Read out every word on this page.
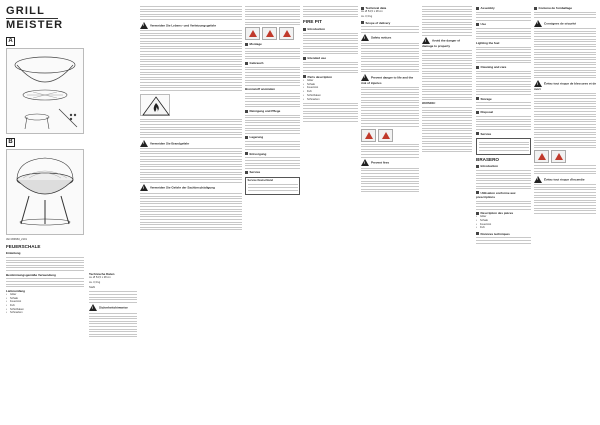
GRILL
MEISTER
A
B
IAN 369963_2101
FEUERSCHALE
Einleitung
Bestimmungsgemäße Verwendung
Lieferumfang
• Gitter
• Schale
• Feuerrost
• Fuß
• Schürhaken
• Schrauben
Technische Daten
ca. Ø 54,5 x 28 cm
ca. 3,3 kg
Stahl
!Sicherheitshinweise
!Vermeiden Sie Lebens- und Verletzungsgefahr
!Vermeiden Sie Brandgefahr
!Vermeiden Sie Gefahr der Sachbeschädigung
Montage
Gebrauch
Brennstoff anzünden
Reinigung und Pflege
Lagerung
Entsorgung
Service
Service Deutschland
FIRE PIT
Introduction
Intended use
Parts description
• Gitter
• Schale
• Feuerrost
• Fuß
• Schürhaken
• Schrauben
Technical data
ca. Ø 54,5 x 28 cm
ca. 3,3 kg
Scope of delivery
!Safety notices
!Prevent danger to life and the risk of injuries
!Prevent fires
!Avoid the danger of damage to property
WARNING!
Assembly
Use
Lighting the fuel
Cleaning and care
Storage
Disposal
Service
BRASERO
Introduction
Utilisation conforme aux prescriptions
Description des pièces
• Gitter
• Schale
• Feuerrost
• Fuß
Données techniques
Contenu de l'emballage
!Consignes de sécurité
!Évitez tout risque de blessures et de mort
!Évitez tout risque d'incendie
